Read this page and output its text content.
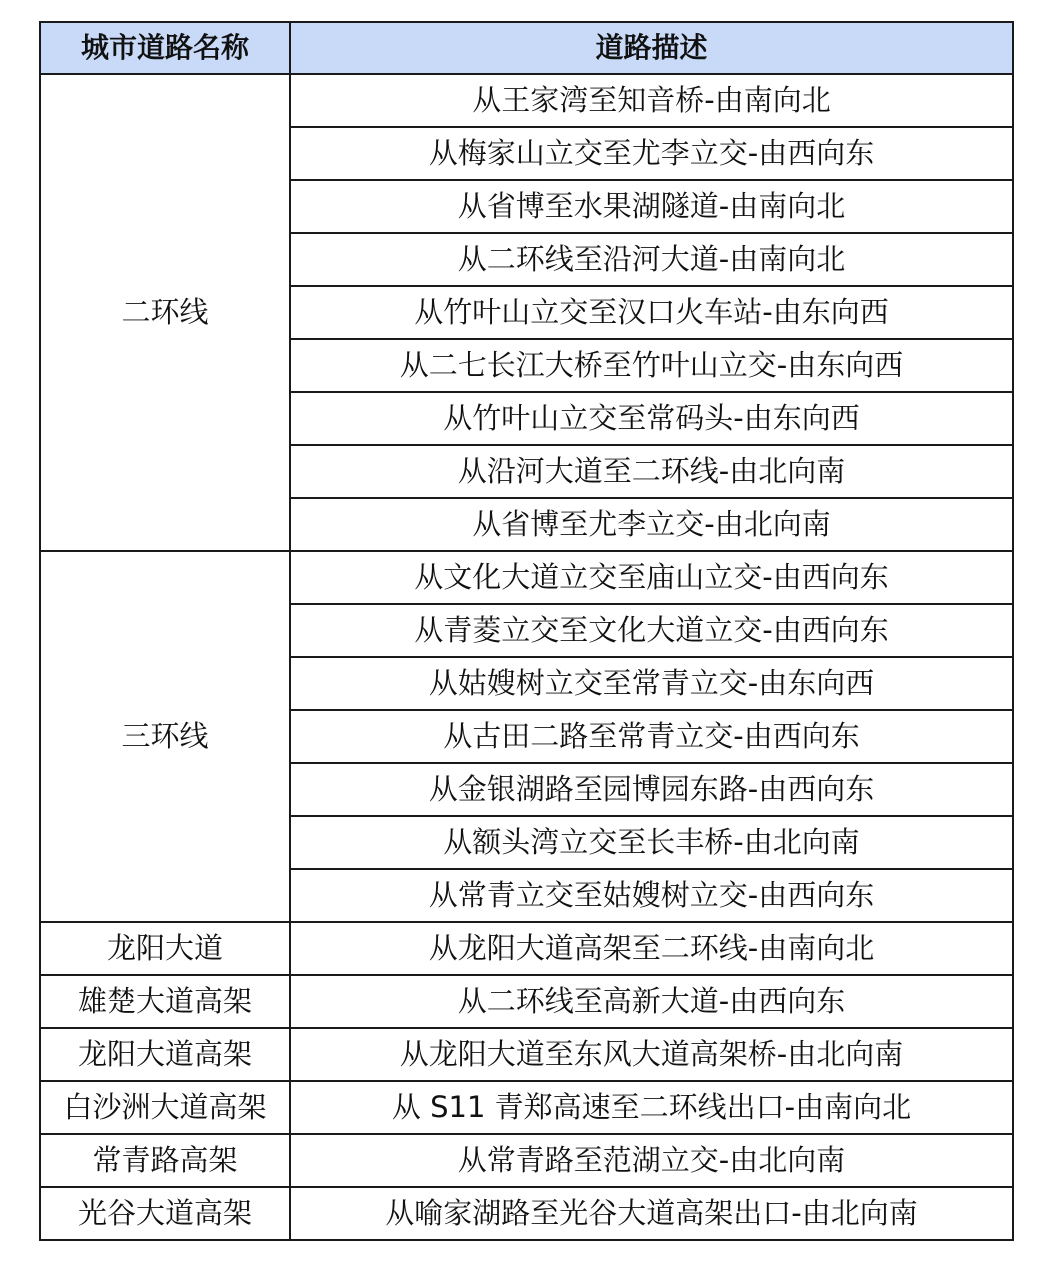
城市道路名称	道路描述
二环线	从王家湾至知音桥-由南向北
	从梅家山立交至尤李立交-由西向东
	从省博至水果湖隧道-由南向北
	从二环线至沿河大道-由南向北
	从竹叶山立交至汉口火车站-由东向西
	从二七长江大桥至竹叶山立交-由东向西
	从竹叶山立交至常码头-由东向西
	从沿河大道至二环线-由北向南
	从省博至尤李立交-由北向南
三环线	从文化大道立交至庙山立交-由西向东
	从青菱立交至文化大道立交-由西向东
	从姑嫂树立交至常青立交-由东向西
	从古田二路至常青立交-由西向东
	从金银湖路至园博园东路-由西向东
	从额头湾立交至长丰桥-由北向南
	从常青立交至姑嫂树立交-由西向东
龙阳大道	从龙阳大道高架至二环线-由南向北
雄楚大道高架	从二环线至高新大道-由西向东
龙阳大道高架	从龙阳大道至东风大道高架桥-由北向南
白沙洲大道高架	从 S11 青郑高速至二环线出口-由南向北
常青路高架	从常青路至范湖立交-由北向南
光谷大道高架	从喻家湖路至光谷大道高架出口-由北向南
